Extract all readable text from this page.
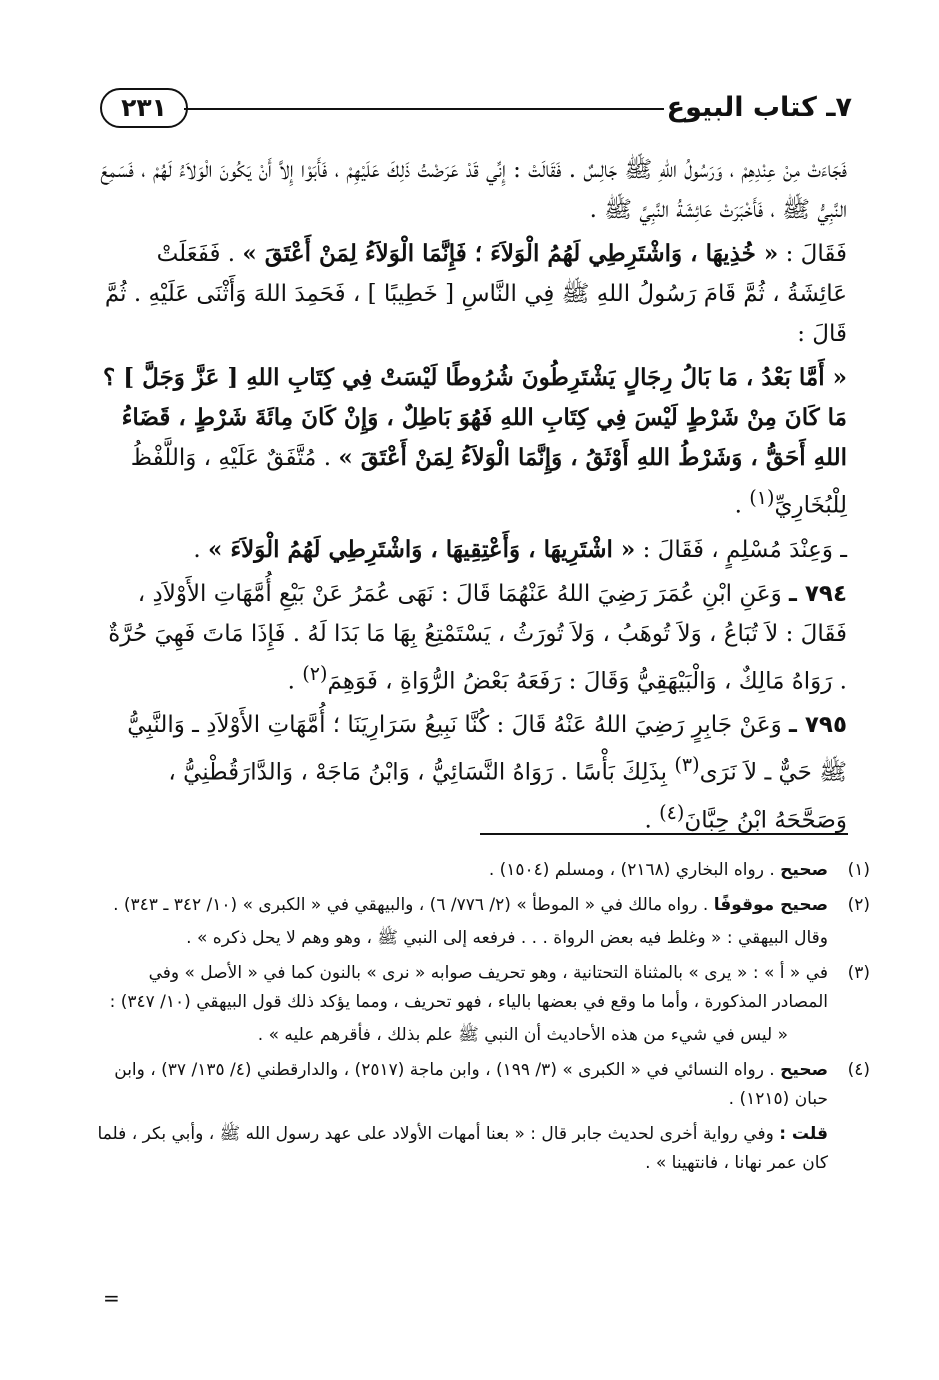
٢٣١	٧ـ كتاب البيوع

فَجَاءَتْ مِنْ عِنْدِهِمْ ، وَرَسُولُ اللهِ ﷺ جَالِسٌ . فَقَالَتْ : إِنِّي قَدْ عَرَضْتُ ذَلِكَ عَلَيْهِمْ ، فَأَبَوْا إِلاَّ أَنْ يَكُونَ الْوَلاَءُ لَهُمْ ، فَسَمِعَ النَّبِيُّ ﷺ ، فَأَخْبَرَتْ عَائِشَةُ النَّبِيَّ ﷺ .

فَقَالَ : « خُذِيهَا ، وَاشْتَرِطِي لَهُمُ الْوَلاَءَ ؛ فَإِنَّمَا الْوَلاَءُ لِمَنْ أَعْتَقَ » . فَفَعَلَتْ عَائِشَةُ ، ثُمَّ قَامَ رَسُولُ اللهِ ﷺ فِي النَّاسِ [ خَطِيبًا ] ، فَحَمِدَ اللهَ وَأَثْنَى عَلَيْهِ . ثُمَّ قَالَ :

« أَمَّا بَعْدُ ، مَا بَالُ رِجَالٍ يَشْتَرِطُونَ شُرُوطًا لَيْسَتْ فِي كِتَابِ اللهِ [ عَزَّ وَجَلَّ ] ؟ مَا كَانَ مِنْ شَرْطٍ لَيْسَ فِي كِتَابِ اللهِ فَهُوَ بَاطِلٌ ، وَإِنْ كَانَ مِائَةَ شَرْطٍ ، قَضَاءُ اللهِ أَحَقُّ ، وَشَرْطُ اللهِ أَوْثَقُ ، وَإِنَّمَا الْوَلاَءُ لِمَنْ أَعْتَقَ » . مُتَّفَقٌ عَلَيْهِ ، وَاللَّفْظُ لِلْبُخَارِيِّ$^{(١)}$ .

ـ وَعِنْدَ مُسْلِمٍ ، فَقَالَ : « اشْتَرِيهَا ، وَأَعْتِقِيهَا ، وَاشْتَرِطِي لَهُمُ الْوَلاَءَ » .

٧٩٤ ـ وَعَنِ ابْنِ عُمَرَ رَضِيَ اللهُ عَنْهُمَا قَالَ : نَهَى عُمَرُ عَنْ بَيْعِ أُمَّهَاتِ الأَوْلاَدِ ، فَقَالَ : لاَ تُبَاعُ ، وَلاَ تُوهَبُ ، وَلاَ تُورَثُ ، يَسْتَمْتِعُ بِهَا مَا بَدَا لَهُ . فَإِذَا مَاتَ فَهِيَ حُرَّةٌ . رَوَاهُ مَالِكٌ ، وَالْبَيْهَقِيُّ وَقَالَ : رَفَعَهُ بَعْضُ الرُّوَاةِ ، فَوَهِمَ$^{(٢)}$ .

٧٩٥ ـ وَعَنْ جَابِرٍ رَضِيَ اللهُ عَنْهُ قَالَ : كُنَّا نَبِيعُ سَرَارِيَنَا ؛ أُمَّهَاتِ الأَوْلاَدِ ـ وَالنَّبِيُّ ﷺ حَيٌّ ـ لاَ نَرَى$^{(٣)}$ بِذَلِكَ بَأْسًا . رَوَاهُ النَّسَائِيُّ ، وَابْنُ مَاجَهْ ، وَالدَّارَقُطْنِيُّ ، وَصَحَّحَهُ ابْنُ حِبَّانَ$^{(٤)}$ .

(١)
صحيح . رواه البخاري (٢١٦٨) ، ومسلم (١٥٠٤) .
(٢)
صحيح موقوفًا . رواه مالك في « الموطأ » (٢/ ٧٧٦/ ٦) ، والبيهقي في « الكبرى » (١٠/ ٣٤٢ ـ ٣٤٣) .
وقال البيهقي : « وغلط فيه بعض الرواة . . . فرفعه إلى النبي ﷺ ، وهو وهم لا يحل ذكره » .
(٣)
في « أ » : « يرى » بالمثناة التحتانية ، وهو تحريف صوابه « نرى » بالنون كما في « الأصل » وفي المصادر المذكورة ، وأما ما وقع في بعضها بالياء ، فهو تحريف ، ومما يؤكد ذلك قول البيهقي (١٠/ ٣٤٧) :
« ليس في شيء من هذه الأحاديث أن النبي ﷺ علم بذلك ، فأقرهم عليه » .
(٤)
صحيح . رواه النسائي في « الكبرى » (٣/ ١٩٩) ، وابن ماجة (٢٥١٧) ، والدارقطني (٤/ ١٣٥/ ٣٧) ، وابن حبان (١٢١٥) .
قلت : وفي رواية أخرى لحديث جابر قال : « بعنا أمهات الأولاد على عهد رسول الله ﷺ ، وأبي بكر ، فلما كان عمر نهانا ، فانتهينا » .
=
